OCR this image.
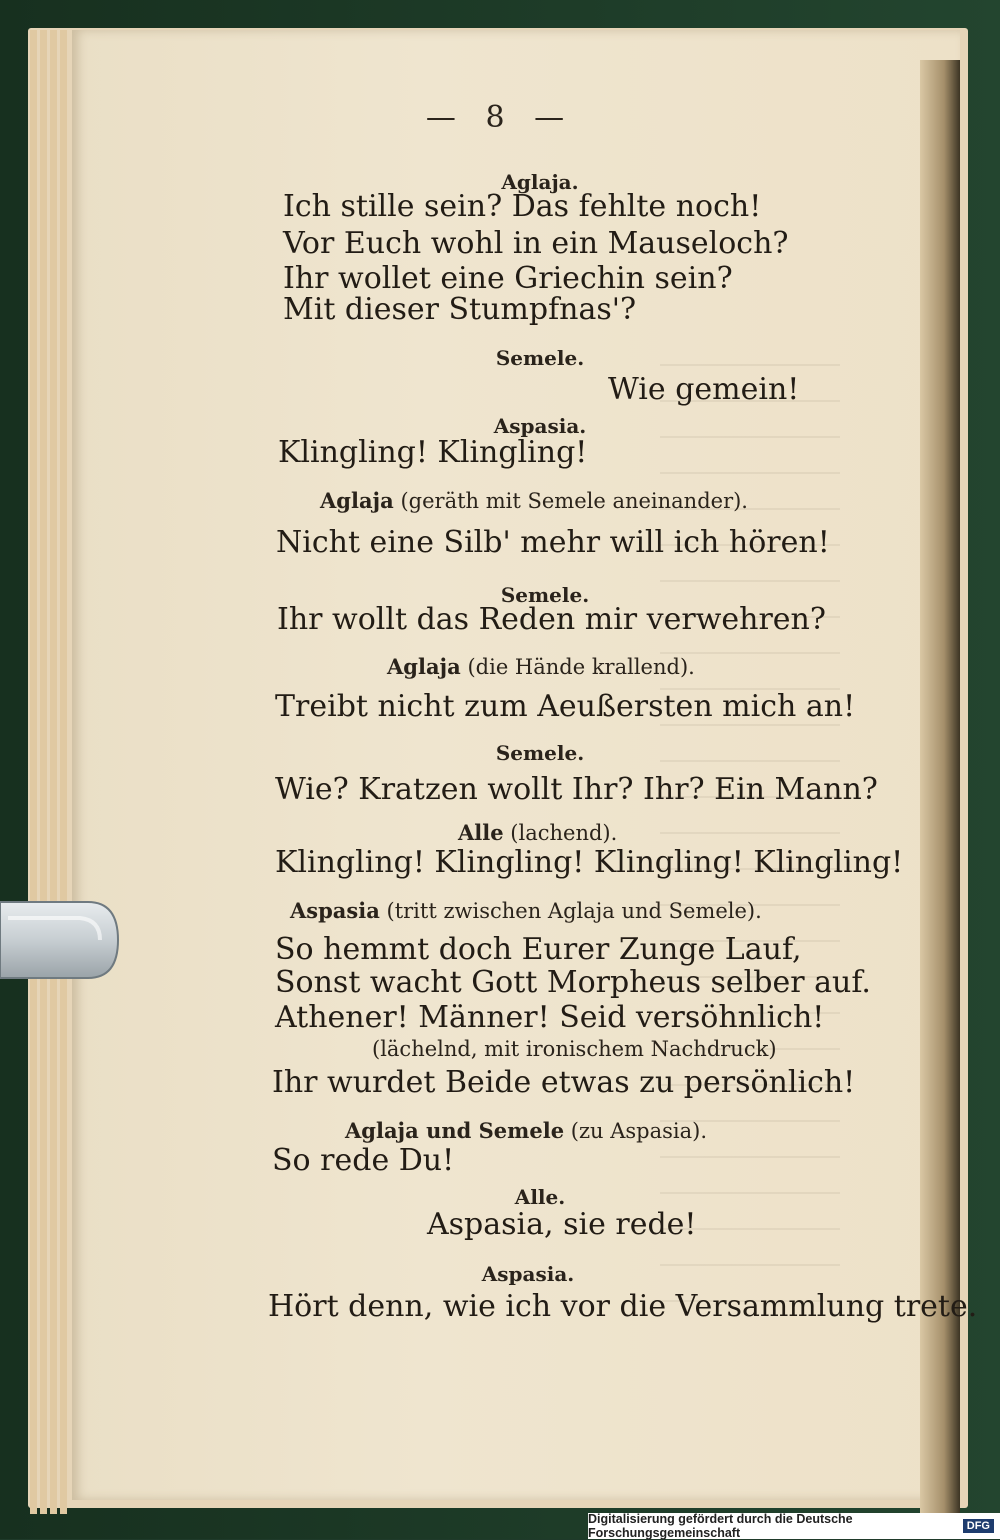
— 8 —
Aglaja.
Ich stille sein? Das fehlte noch!
Vor Euch wohl in ein Mauseloch?
Ihr wollet eine Griechin sein?
Mit dieser Stumpfnas'?
Semele.
Wie gemein!
Aspasia.
Klingling! Klingling!
Aglaja (geräth mit Semele aneinander).
Nicht eine Silb' mehr will ich hören!
Semele.
Ihr wollt das Reden mir verwehren?
Aglaja (die Hände krallend).
Treibt nicht zum Aeußersten mich an!
Semele.
Wie? Kratzen wollt Ihr? Ihr? Ein Mann?
Alle (lachend).
Klingling! Klingling! Klingling! Klingling!
Aspasia (tritt zwischen Aglaja und Semele).
So hemmt doch Eurer Zunge Lauf,
Sonst wacht Gott Morpheus selber auf.
Athener! Männer! Seid versöhnlich!
(lächelnd, mit ironischem Nachdruck)
Ihr wurdet Beide etwas zu persönlich!
Aglaja und Semele (zu Aspasia).
So rede Du!
Alle.
Aspasia, sie rede!
Aspasia.
Hört denn, wie ich vor die Versammlung trete.
Digitalisierung gefördert durch die Deutsche Forschungsgemeinschaft	DFG
